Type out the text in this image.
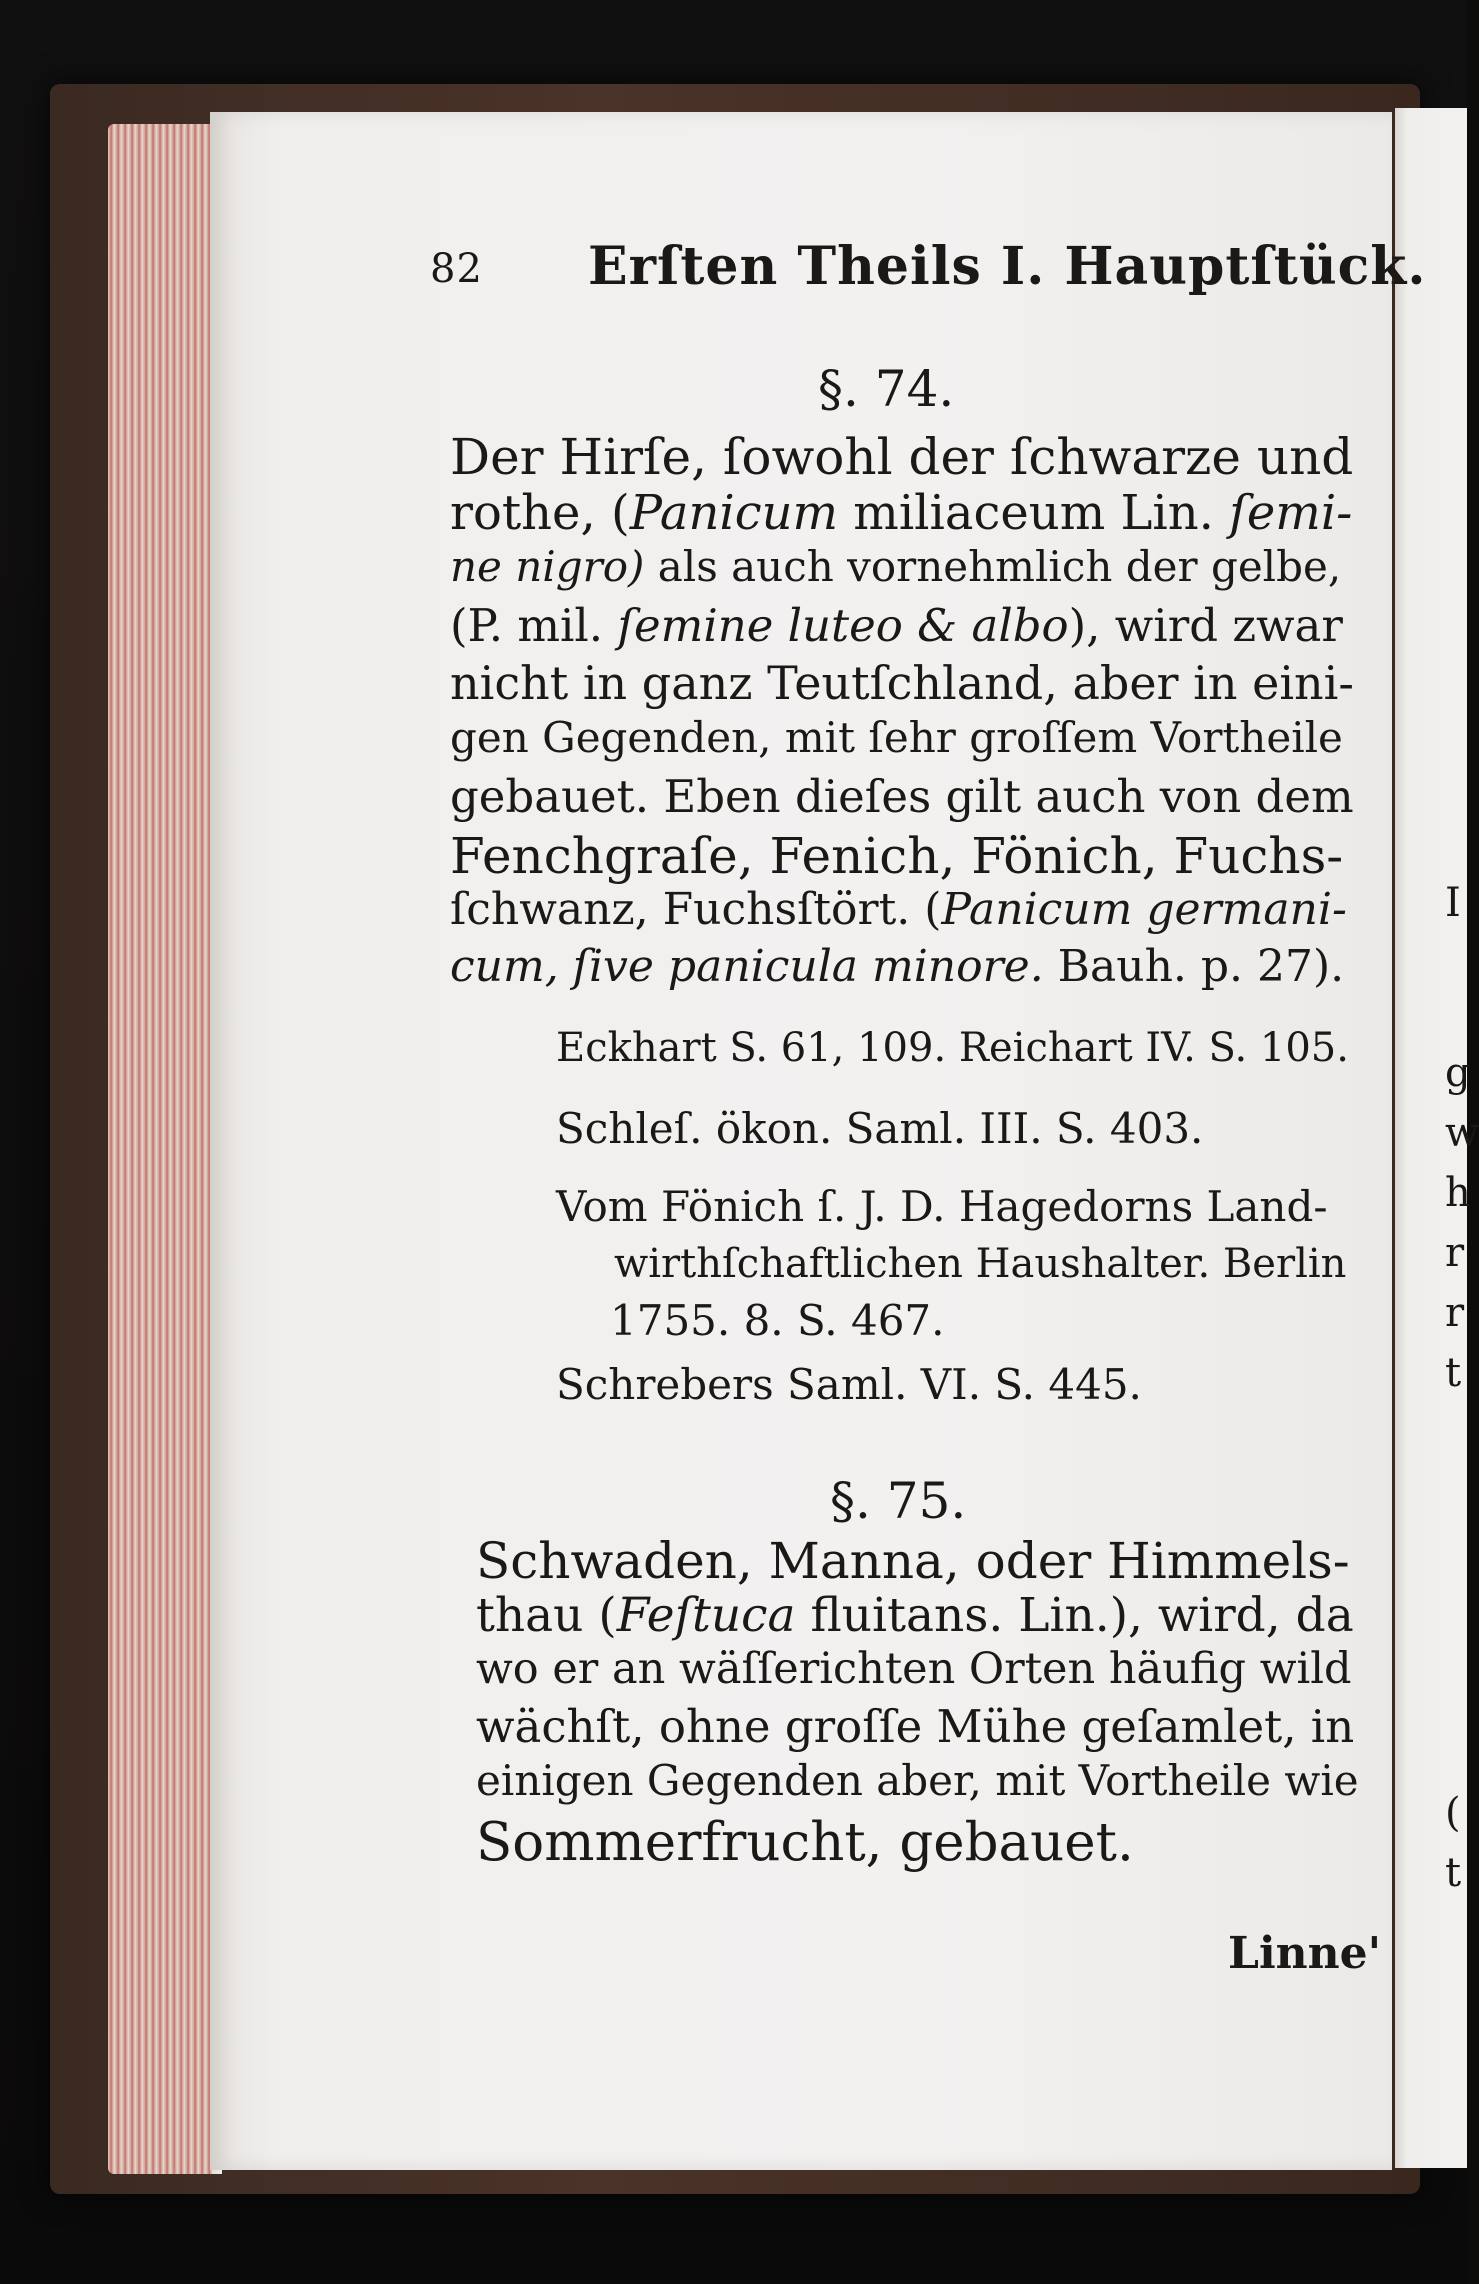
I
g
w
h
r
r
t
(
t
82 Erſten Theils I. Hauptſtück.
§. 74.
Der Hirſe, ſowohl der ſchwarze und
rothe, (Panicum miliaceum Lin. ſemi-
ne nigro) als auch vornehmlich der gelbe,
(P. mil. ſemine luteo & albo), wird zwar
nicht in ganz Teutſchland, aber in eini-
gen Gegenden, mit ſehr groſſem Vortheile
gebauet. Eben dieſes gilt auch von dem
Fenchgraſe, Fenich, Fönich, Fuchs-
ſchwanz, Fuchsſtört. (Panicum germani-
cum, ſive panicula minore. Bauh. p. 27).
Eckhart S. 61, 109. Reichart IV. S. 105.
Schleſ. ökon. Saml. III. S. 403.
Vom Fönich ſ. J. D. Hagedorns Land-
wirthſchaftlichen Haushalter. Berlin
1755. 8. S. 467.
Schrebers Saml. VI. S. 445.
§. 75.
Schwaden, Manna, oder Himmels-
thau (Feſtuca fluitans. Lin.), wird, da
wo er an wäſſerichten Orten häufig wild
wächſt, ohne groſſe Mühe geſamlet, in
einigen Gegenden aber, mit Vortheile wie
Sommerfrucht, gebauet.
Linne'
